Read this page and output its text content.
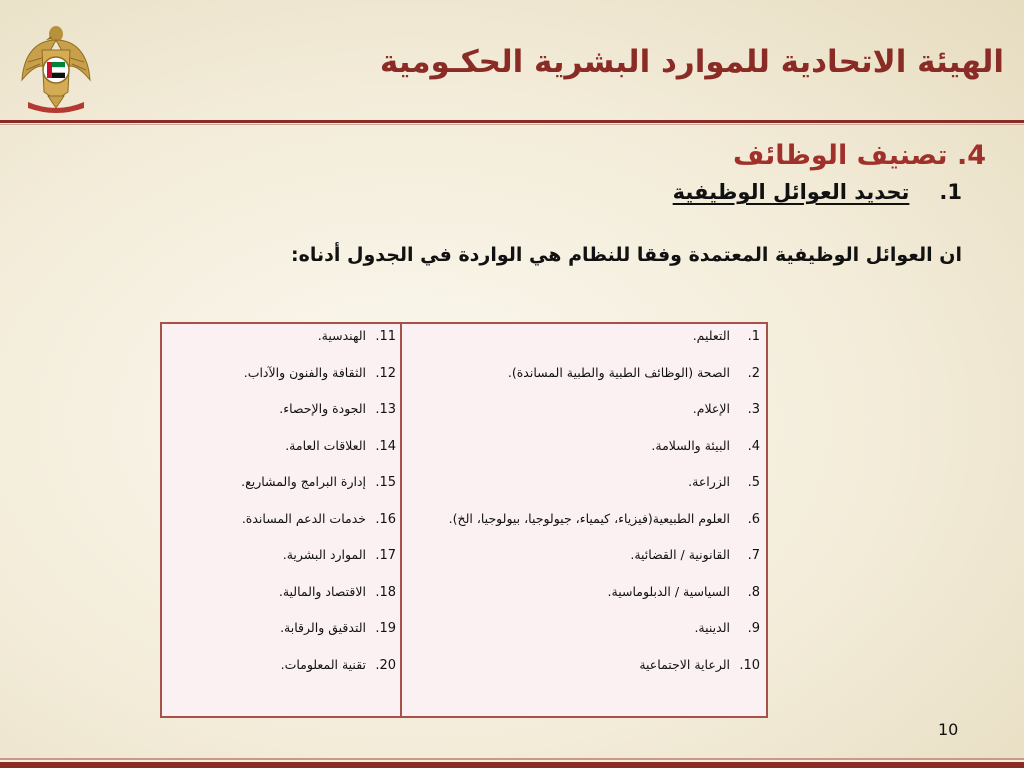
الهيئة الاتحادية للموارد البشرية الحكـومية
4. تصنيف الوظائف
1.
تحديد العوائل الوظيفية
ان العوائل الوظيفية المعتمدة وفقا للنظام هي الواردة في الجدول أدناه:
1.
التعليم.
2.
الصحة (الوظائف الطبية والطبية المساندة).
3.
الإعلام.
4.
البيئة والسلامة.
5.
الزراعة.
6.
العلوم الطبيعية(فيزياء، كيمياء، جيولوجيا، بيولوجيا، الخ).
7.
القانونية / القضائية.
8.
السياسية / الدبلوماسية.
9.
الدينية.
10.
الرعاية الاجتماعية
11.
الهندسية.
12.
الثقافة والفنون والآداب.
13.
الجودة والإحصاء.
14.
العلاقات العامة.
15.
إدارة البرامج والمشاريع.
16.
خدمات الدعم المساندة.
17.
الموارد البشرية.
18.
الاقتصاد والمالية.
19.
التدقيق والرقابة.
20.
تقنية المعلومات.
10
